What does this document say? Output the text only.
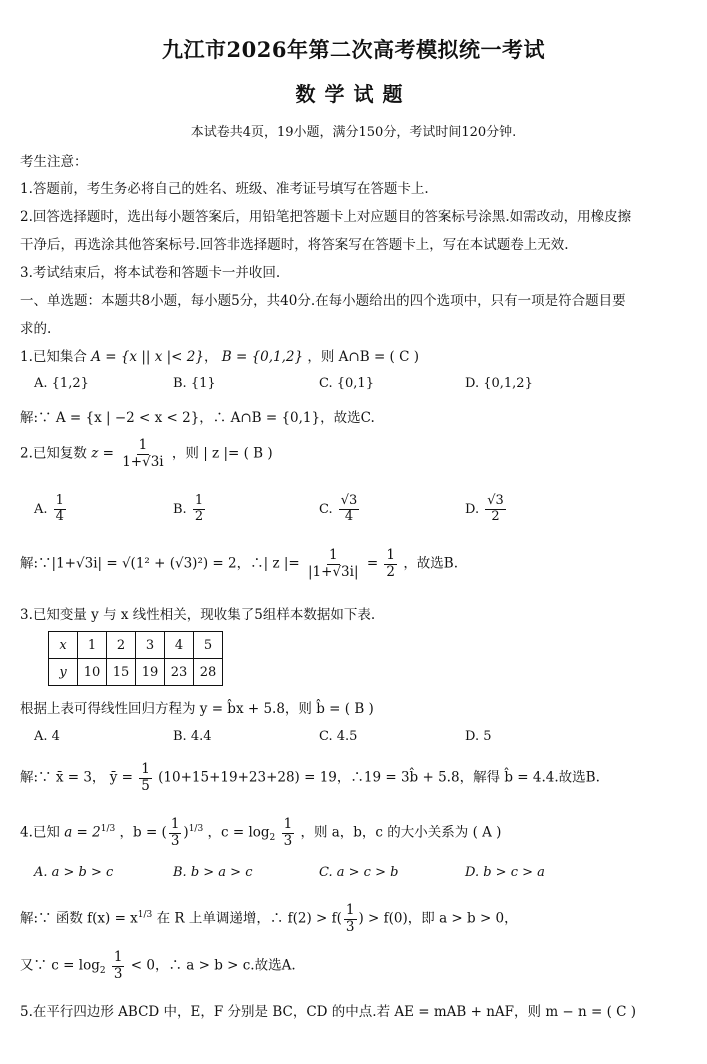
九江市2026年第二次高考模拟统一考试
数学试题
本试卷共4页，19小题，满分150分，考试时间120分钟.
考生注意：
1.答题前，考生务必将自己的姓名、班级、准考证号填写在答题卡上.
2.回答选择题时，选出每小题答案后，用铅笔把答题卡上对应题目的答案标号涂黑.如需改动，用橡皮擦
干净后，再选涂其他答案标号.回答非选择题时，将答案写在答题卡上，写在本试题卷上无效.
3.考试结束后，将本试卷和答题卡一并收回.
一、单选题：本题共8小题，每小题5分，共40分.在每小题给出的四个选项中，只有一项是符合题目要
求的.
1.已知集合 A = {x || x |< 2}， B = {0,1,2} ，则 A∩B = ( C )
A. {1,2}	B. {1}	C. {0,1}	D. {0,1,2}
解:∵ A = {x | −2 < x < 2}，∴ A∩B = {0,1}，故选C.
2.已知复数 $z = \frac{1}{1+√3i}$ ，则 | z |= ( B )
A. $\frac{1}{4}$	B. $\frac{1}{2}$	C. $\frac{√3}{4}$	D. $\frac{√3}{2}$
解:∵|1+√3i| = √(1² + (√3)²) = 2，∴| z |= $\frac{1}{|1+√3i|} = \frac{1}{2}$ ，故选B.
3.已知变量 y 与 x 线性相关，现收集了5组样本数据如下表.
x	1	2	3	4	5
y	10	15	19	23	28
根据上表可得线性回归方程为 y = b̂x + 5.8，则 b̂ = ( B )
A. 4	B. 4.4	C. 4.5	D. 5
解:∵ x̄ = 3， ȳ = $\frac{1}{5} (10+15+19+23+28) = 19$，∴19 = 3b̂ + 5.8，解得 b̂ = 4.4.故选B.
4.已知 $a = 2^{1/3}$ ，b = ( $\frac{1}{3} )^{1/3}$ ，$c = \log_2 \frac{1}{3}$ ，则 a，b，c 的大小关系为 ( A )
A. a > b > c	B. b > a > c	C. a > c > b	D. b > c > a
解:∵ 函数 $f(x) = x^{1/3}$ 在 R 上单调递增，∴ $f(2) > f( \frac{1}{3}$ ) > f(0)，即 a > b > 0，
又∵ $c = \log_2 \frac{1}{3} < 0$，∴ a > b > c.故选A.
5.在平行四边形 ABCD 中，E，F 分别是 BC，CD 的中点.若 AE = mAB + nAF，则 m − n = ( C )
